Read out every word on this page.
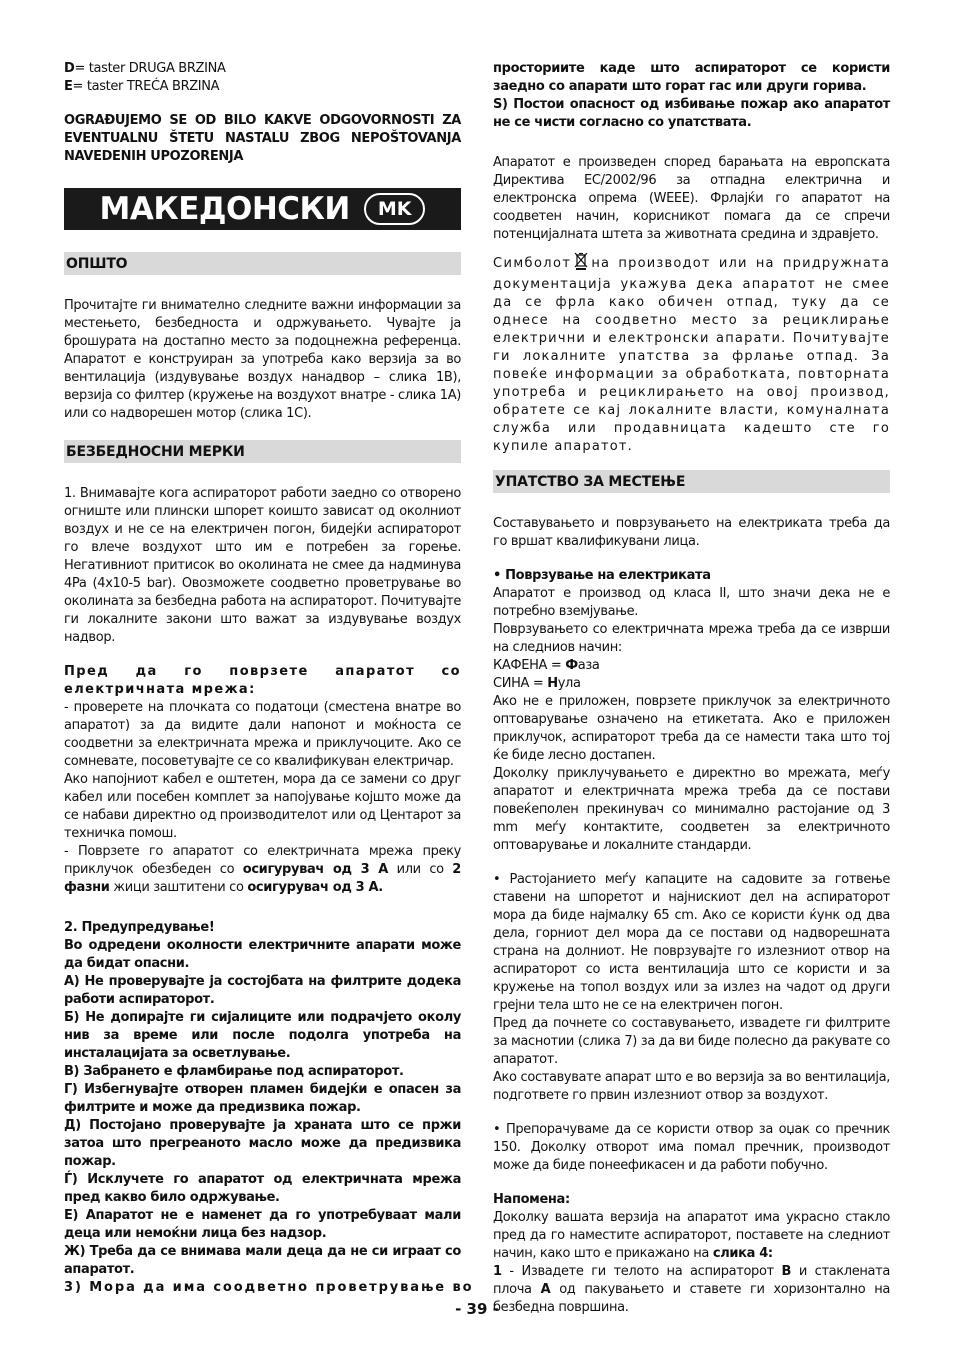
D= taster DRUGA BRZINA

E= taster TREĆA BRZINA

OGRAĐUJEMO SE OD BILO KAKVE ODGOVORNOSTI ZA EVENTUALNU ŠTETU NASTALU ZBOG NEPOŠTOVANJA NAVEDENIH UPOZORENJA

МАКЕДОНСКИ	MK
ОПШТО

Прочитајте ги внимателно следните важни информации за местењето, безбедноста и одржувањето. Чувајте ја брошурата на достапно место за подоцнежна референца. Апаратот е конструиран за употреба како верзија за во вентилација (издувување воздух нанадвор – слика 1В), верзија со филтер (кружење на воздухот внатре - слика 1А) или со надворешен мотор (слика 1С).

БЕЗБЕДНОСНИ МЕРКИ

1. Внимавајте кога аспираторот работи заедно со отворено огниште или плински шпорет коишто зависат од околниот воздух и не се на електричен погон, бидејќи аспираторот го влече воздухот што им е потребен за горење. Негативниот притисок во околината не смее да надминува 4Pa (4x10-5 bar). Овозможете соодветно проветрување во околината за безбедна работа на аспираторот. Почитувајте ги локалните закони што важат за издувување воздух надвор.

Пред да го поврзете апаратот со електричната мрежа:

- проверете на плочката со податоци (сместена внатре во апаратот) за да видите дали напонот и моќноста се соодветни за електричната мрежа и приклучоците. Ако се сомневате, посоветувајте се со квалификуван електричар.

Ако напојниот кабел е оштетен, мора да се замени со друг кабел или посебен комплет за напојување којшто може да се набави директно од производителот или од Центарот за техничка помош.

- Поврзете го апаратот со електричната мрежа преку приклучок обезбеден со осигурувач од 3 А или со 2 фазни жици заштитени со осигурувач од 3 А.

2. Предупредување!

Во одредени околности електричните апарати може да бидат опасни.

А) Не проверувајте ја состојбата на филтрите додека работи аспираторот.

Б) Не допирајте ги сијалиците или подрачјето околу нив за време или после подолга употреба на инсталацијата за осветлување.

В) Забрането е фламбирање под аспираторот.

Г) Избегнувајте отворен пламен бидејќи е опасен за филтрите и може да предизвика пожар.

Д) Постојано проверувајте ја храната што се пржи затоа што прегреаното масло може да предизвика пожар.

Ѓ) Исклучете го апаратот од електричната мрежа пред какво било одржување.

Е) Апаратот не е наменет да го употребуваат мали деца или немоќни лица без надзор.

Ж) Треба да се внимава мали деца да не си играат со апаратот.

3) Мора да има соодветно проветрување во

просториите каде што аспираторот се користи заедно со апарати што горат гас или други горива.

S) Постои опасност од избивање пожар ако апаратот не се чисти согласно со упатствата.

Апаратот е произведен според барањата на европската Директива ЕС/2002/96 за отпадна електрична и електронска опрема (WEEE). Фрлајќи го апаратот на соодветен начин, корисникот помага да се спречи потенцијалната штета за животната средина и здравјето.

Симболот на производот или на придружната документација укажува дека апаратот не смее да се фрла како обичен отпад, туку да се однесе на соодветно место за рециклирање електрични и електронски апарати. Почитувајте ги локалните упатства за фрлање отпад. За повеќе информации за обработката, повторната употреба и рециклирањето на овој производ, обратете се кај локалните власти, комуналната служба или продавницата кадешто сте го купиле апаратот.

УПАТСТВО ЗА МЕСТЕЊЕ

Составувањето и поврзувањето на електриката треба да го вршат квалификувани лица.

• Поврзување на електриката

Апаратот е производ од класа II, што значи дека не е потребно вземјување.

Поврзувањето со електричната мрежа треба да се изврши на следниов начин:

КАФЕНА = Фаза

СИНА = Нула

Ако не е приложен, поврзете приклучок за електричното оптоварување означено на етикетата. Ако е приложен приклучок, аспираторот треба да се намести така што тој ќе биде лесно достапен.

Доколку приклучувањето е директно во мрежата, меѓу апаратот и електричната мрежа треба да се постави повеќеполен прекинувач со минимално растојание од 3 mm меѓу контактите, соодветен за електричното оптоварување и локалните стандарди.

• Растојанието меѓу капаците на садовите за готвење ставени на шпоретот и најнискиот дел на аспираторот мора да биде најмалку 65 cm. Ако се користи ќунк од два дела, горниот дел мора да се постави од надворешната страна на долниот. Не поврзувајте го излезниот отвор на аспираторот со иста вентилација што се користи и за кружење на топол воздух или за излез на чадот од други грејни тела што не се на електричен погон.

Пред да почнете со составувањето, извадете ги филтрите за маснотии (слика 7) за да ви биде полесно да ракувате со апаратот.

Ако составувате апарат што е во верзија за во вентилација, подгответе го првин излезниот отвор за воздухот.

• Препорачуваме да се користи отвор за оџак со пречник 150. Доколку отворот има помал пречник, производот може да биде понеефикасен и да работи побучно.

Напомена:

Доколку вашата верзија на апаратот има украсно стакло пред да го наместите аспираторот, поставете на следниот начин, како што е прикажано на слика 4:

1 - Извадете ги телото на аспираторот B и стаклената плоча A од пакувањето и ставете ги хоризонтално на безбедна површина.

- 39 -
